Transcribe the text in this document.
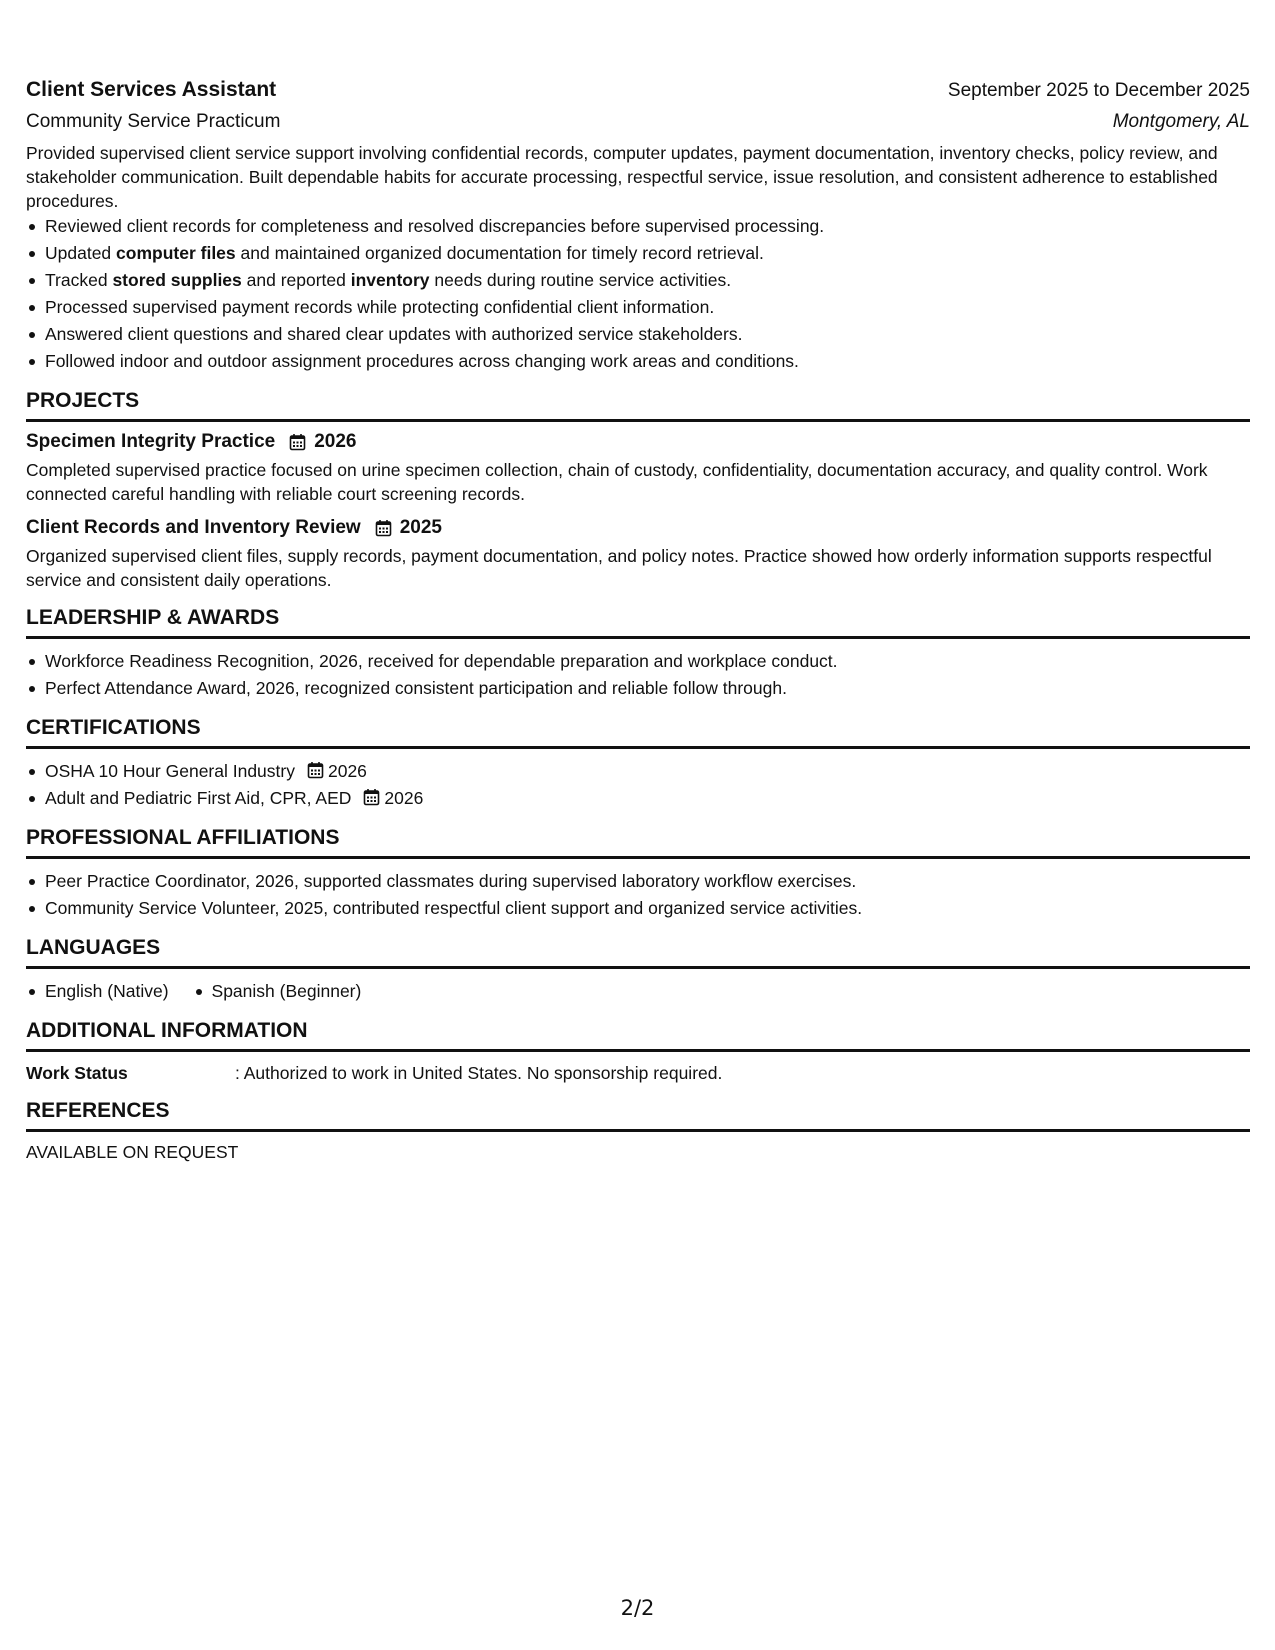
Client Services Assistant	September 2025 to December 2025
Community Service Practicum	Montgomery, AL

Provided supervised client service support involving confidential records, computer updates, payment documentation, inventory checks, policy review, and stakeholder communication. Built dependable habits for accurate processing, respectful service, issue resolution, and consistent adherence to established procedures.

Reviewed client records for completeness and resolved discrepancies before supervised processing.
Updated computer files and maintained organized documentation for timely record retrieval.
Tracked stored supplies and reported inventory needs during routine service activities.
Processed supervised payment records while protecting confidential client information.
Answered client questions and shared clear updates with authorized service stakeholders.
Followed indoor and outdoor assignment procedures across changing work areas and conditions.
PROJECTS
Specimen Integrity Practice 2026

Completed supervised practice focused on urine specimen collection, chain of custody, confidentiality, documentation accuracy, and quality control. Work connected careful handling with reliable court screening records.

Client Records and Inventory Review 2025

Organized supervised client files, supply records, payment documentation, and policy notes. Practice showed how orderly information supports respectful service and consistent daily operations.

LEADERSHIP & AWARDS
Workforce Readiness Recognition, 2026, received for dependable preparation and workplace conduct.
Perfect Attendance Award, 2026, recognized consistent participation and reliable follow through.
CERTIFICATIONS
OSHA 10 Hour General Industry 2026
Adult and Pediatric First Aid, CPR, AED 2026
PROFESSIONAL AFFILIATIONS
Peer Practice Coordinator, 2026, supported classmates during supervised laboratory workflow exercises.
Community Service Volunteer, 2025, contributed respectful client support and organized service activities.
LANGUAGES
English (Native)	Spanish (Beginner)
ADDITIONAL INFORMATION
Work Status	: Authorized to work in United States. No sponsorship required.
REFERENCES
AVAILABLE ON REQUEST
2/2
